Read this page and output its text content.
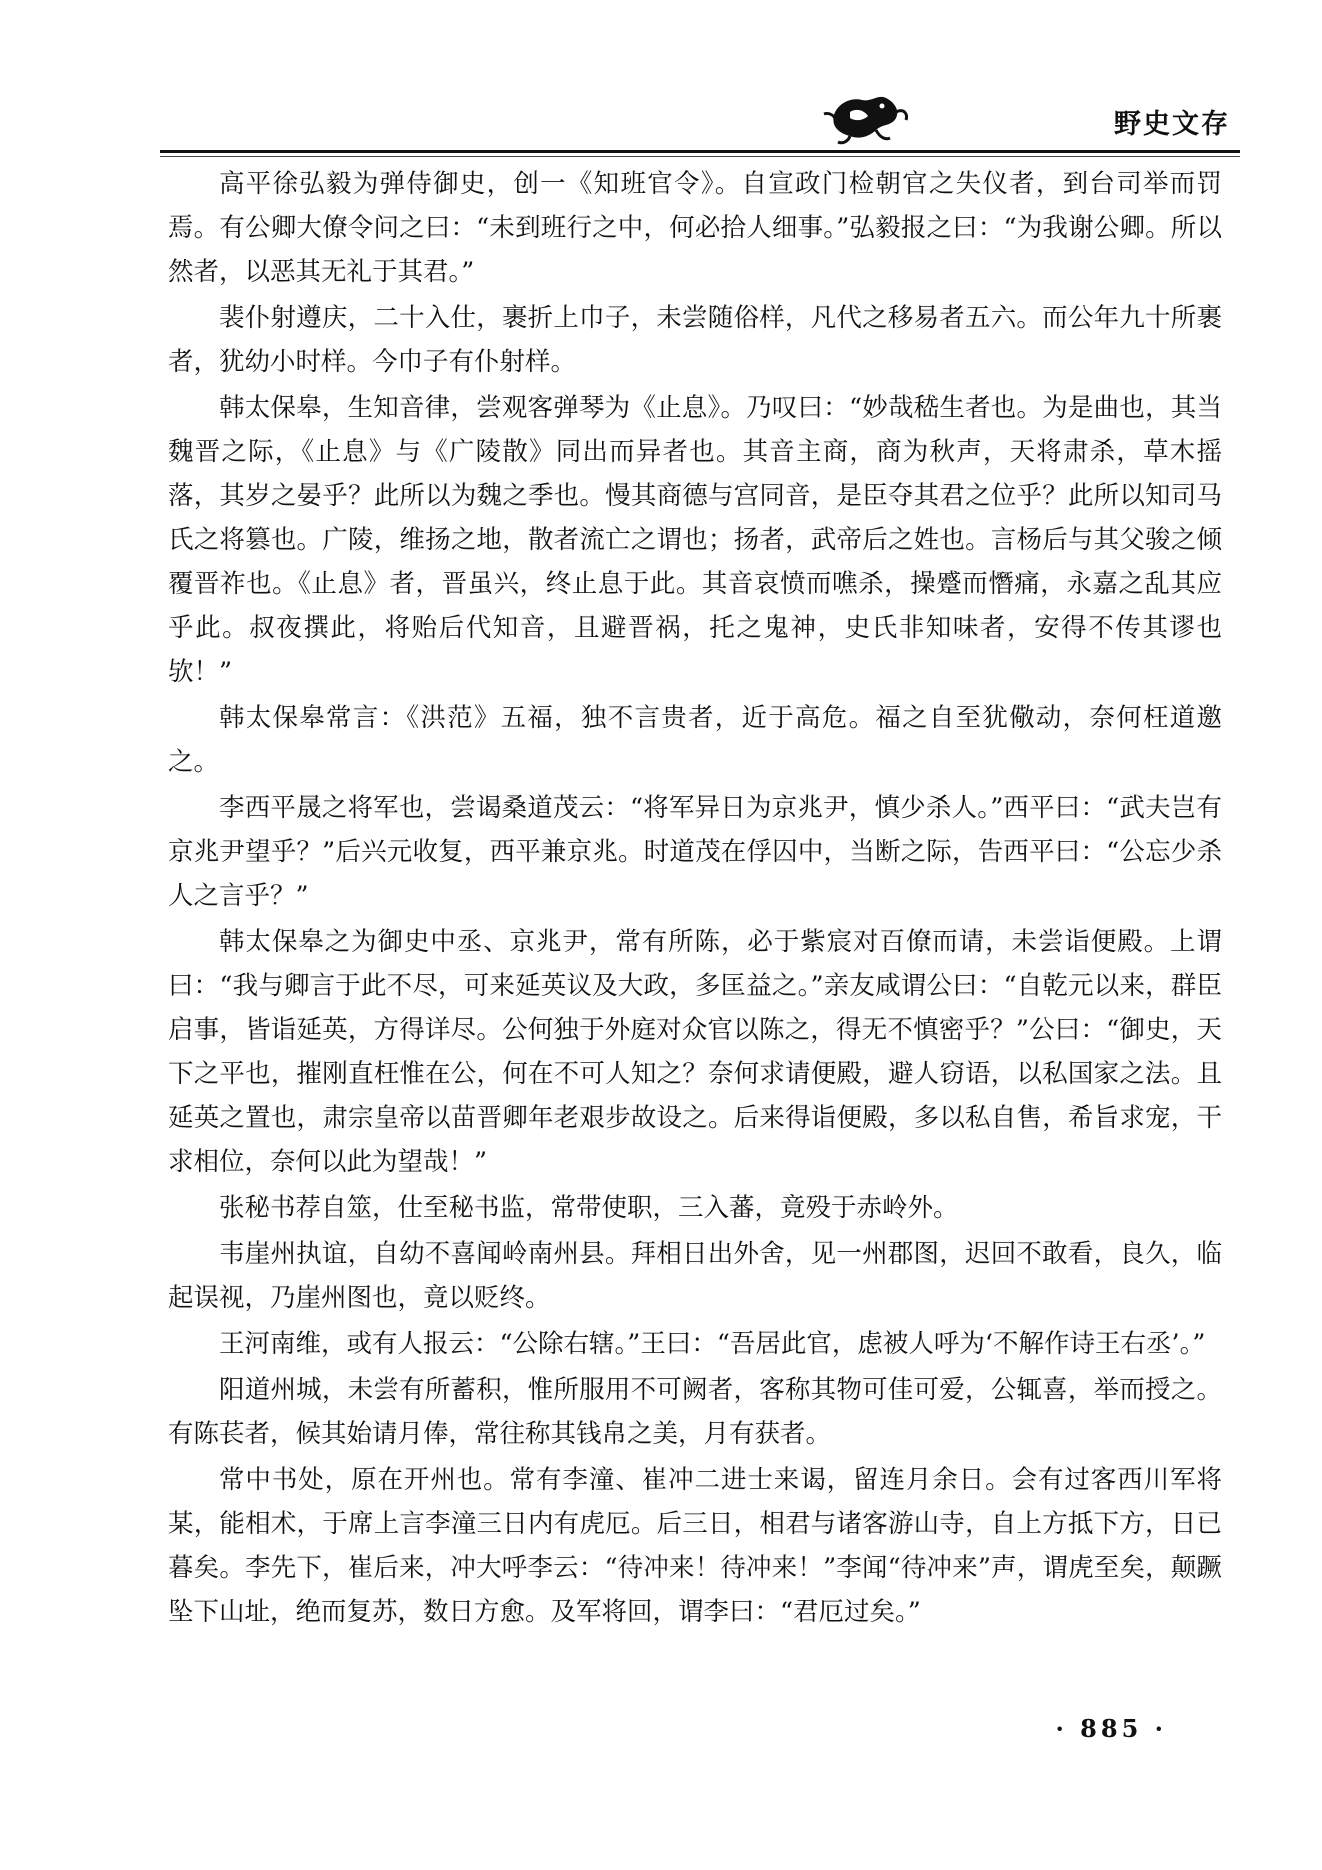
野史文存

高平徐弘毅为弹侍御史，创一《知班官令》。自宣政门检朝官之失仪者，到台司举而罚焉。有公卿大僚令问之曰：“未到班行之中，何必拾人细事。”弘毅报之曰：“为我谢公卿。所以然者，以恶其无礼于其君。”

裴仆射遵庆，二十入仕，裹折上巾子，未尝随俗样，凡代之移易者五六。而公年九十所裹者，犹幼小时样。今巾子有仆射样。

韩太保皋，生知音律，尝观客弹琴为《止息》。乃叹曰：“妙哉嵇生者也。为是曲也，其当魏晋之际，《止息》与《广陵散》同出而异者也。其音主商，商为秋声，天将肃杀，草木摇落，其岁之晏乎？此所以为魏之季也。慢其商德与宫同音，是臣夺其君之位乎？此所以知司马氏之将篡也。广陵，维扬之地，散者流亡之谓也；扬者，武帝后之姓也。言杨后与其父骏之倾覆晋祚也。《止息》者，晋虽兴，终止息于此。其音哀愤而噍杀，操蹙而憯痛，永嘉之乱其应乎此。叔夜撰此，将贻后代知音，且避晋祸，托之鬼神，史氏非知味者，安得不传其谬也欤！”

韩太保皋常言：《洪范》五福，独不言贵者，近于高危。福之自至犹儆动，奈何枉道邀之。

李西平晟之将军也，尝谒桑道茂云：“将军异日为京兆尹，慎少杀人。”西平曰：“武夫岂有京兆尹望乎？”后兴元收复，西平兼京兆。时道茂在俘囚中，当断之际，告西平曰：“公忘少杀人之言乎？”

韩太保皋之为御史中丞、京兆尹，常有所陈，必于紫宸对百僚而请，未尝诣便殿。上谓曰：“我与卿言于此不尽，可来延英议及大政，多匡益之。”亲友咸谓公曰：“自乾元以来，群臣启事，皆诣延英，方得详尽。公何独于外庭对众官以陈之，得无不慎密乎？”公曰：“御史，天下之平也，摧刚直枉惟在公，何在不可人知之？奈何求请便殿，避人窃语，以私国家之法。且延英之置也，肃宗皇帝以苗晋卿年老艰步故设之。后来得诣便殿，多以私自售，希旨求宠，干求相位，奈何以此为望哉！”

张秘书荐自筮，仕至秘书监，常带使职，三入蕃，竟殁于赤岭外。

韦崖州执谊，自幼不喜闻岭南州县。拜相日出外舍，见一州郡图，迟回不敢看，良久，临起误视，乃崖州图也，竟以贬终。

王河南维，或有人报云：“公除右辖。”王曰：“吾居此官，虑被人呼为‘不解作诗王右丞’。”

阳道州城，未尝有所蓄积，惟所服用不可阙者，客称其物可佳可爱，公辄喜，举而授之。有陈苌者，候其始请月俸，常往称其钱帛之美，月有获者。

常中书处，原在开州也。常有李潼、崔冲二进士来谒，留连月余日。会有过客西川军将某，能相术，于席上言李潼三日内有虎厄。后三日，相君与诸客游山寺，自上方抵下方，日已暮矣。李先下，崔后来，冲大呼李云：“待冲来！待冲来！”李闻“待冲来”声，谓虎至矣，颠蹶坠下山址，绝而复苏，数日方愈。及军将回，谓李曰：“君厄过矣。”

· 885 ·
